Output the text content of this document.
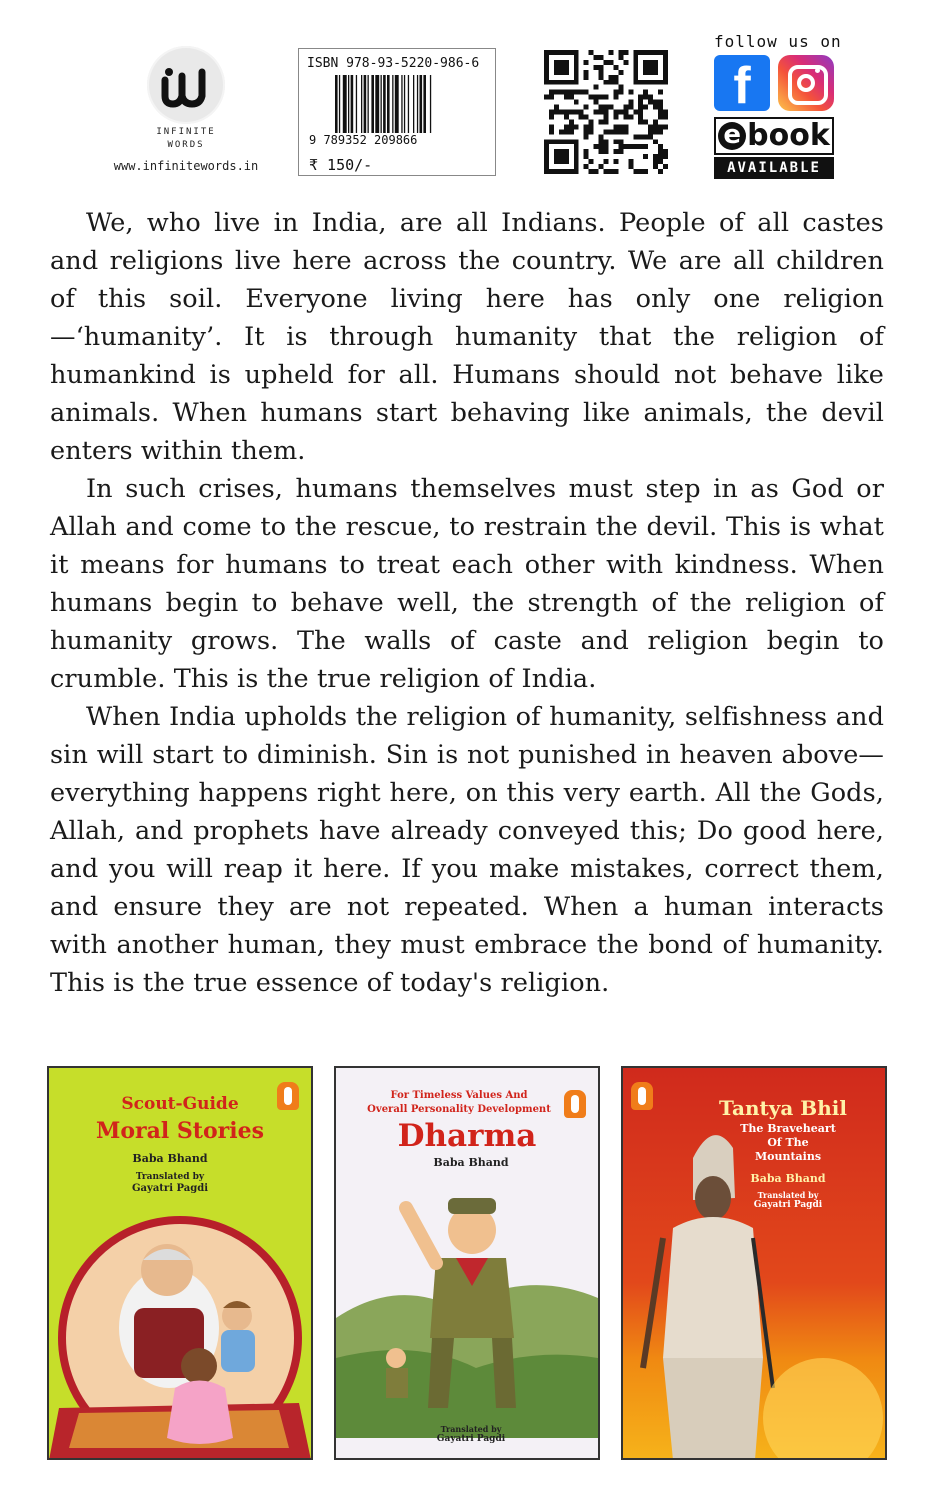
INFINITE
WORDS
www.infinitewords.in
ISBN 978-93-5220-986-6
9 789352 209866
₹ 150/-
follow us on
f
e book
AVAILABLE

We, who live in India, are all Indians. People of all castes and religions live here across the country. We are all children of this soil. Everyone living here has only one religion—‘humanity’. It is through humanity that the religion of humankind is upheld for all. Humans should not behave like animals. When humans start behaving like animals, the devil enters within them.

In such crises, humans themselves must step in as God or Allah and come to the rescue, to restrain the devil. This is what it means for humans to treat each other with kindness. When humans begin to behave well, the strength of the religion of humanity grows. The walls of caste and religion begin to crumble. This is the true religion of India.

When India upholds the religion of humanity, selfishness and sin will start to diminish. Sin is not punished in heaven above—everything happens right here, on this very earth. All the Gods, Allah, and prophets have already conveyed this; Do good here, and you will reap it here. If you make mistakes, correct them, and ensure they are not repeated. When a human interacts with another human, they must embrace the bond of humanity. This is the true essence of today's religion.

Scout-Guide
Moral Stories
Baba Bhand
Translated by
Gayatri Pagdi
For Timeless Values And
Overall Personality Development
Dharma
Baba Bhand
Translated by
Gayatri Pagdi
Tantya Bhil
The Braveheart
Of The
Mountains
Baba Bhand
Translated by
Gayatri Pagdi
